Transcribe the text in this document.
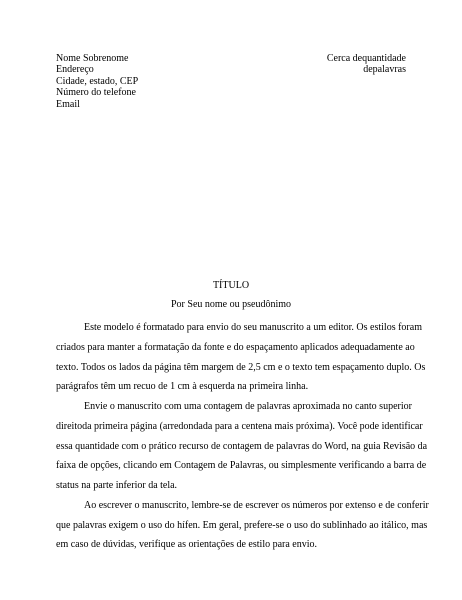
Nome Sobrenome
Endereço
Cidade, estado, CEP
Número do telefone
Email
Cerca dequantidade
depalavras
TÍTULO
Por Seu nome ou pseudônimo
Este modelo é formatado para envio do seu manuscrito a um editor. Os estilos foram
criados para manter a formatação da fonte e do espaçamento aplicados adequadamente ao
texto. Todos os lados da página têm margem de 2,5 cm e o texto tem espaçamento duplo. Os
parágrafos têm um recuo de 1 cm à esquerda na primeira linha.
Envie o manuscrito com uma contagem de palavras aproximada no canto superior
direitoda primeira página (arredondada para a centena mais próxima). Você pode identificar
essa quantidade com o prático recurso de contagem de palavras do Word, na guia Revisão da
faixa de opções, clicando em Contagem de Palavras, ou simplesmente verificando a barra de
status na parte inferior da tela.
Ao escrever o manuscrito, lembre-se de escrever os números por extenso e de conferir
que palavras exigem o uso do hífen. Em geral, prefere-se o uso do sublinhado ao itálico, mas
em caso de dúvidas, verifique as orientações de estilo para envio.
